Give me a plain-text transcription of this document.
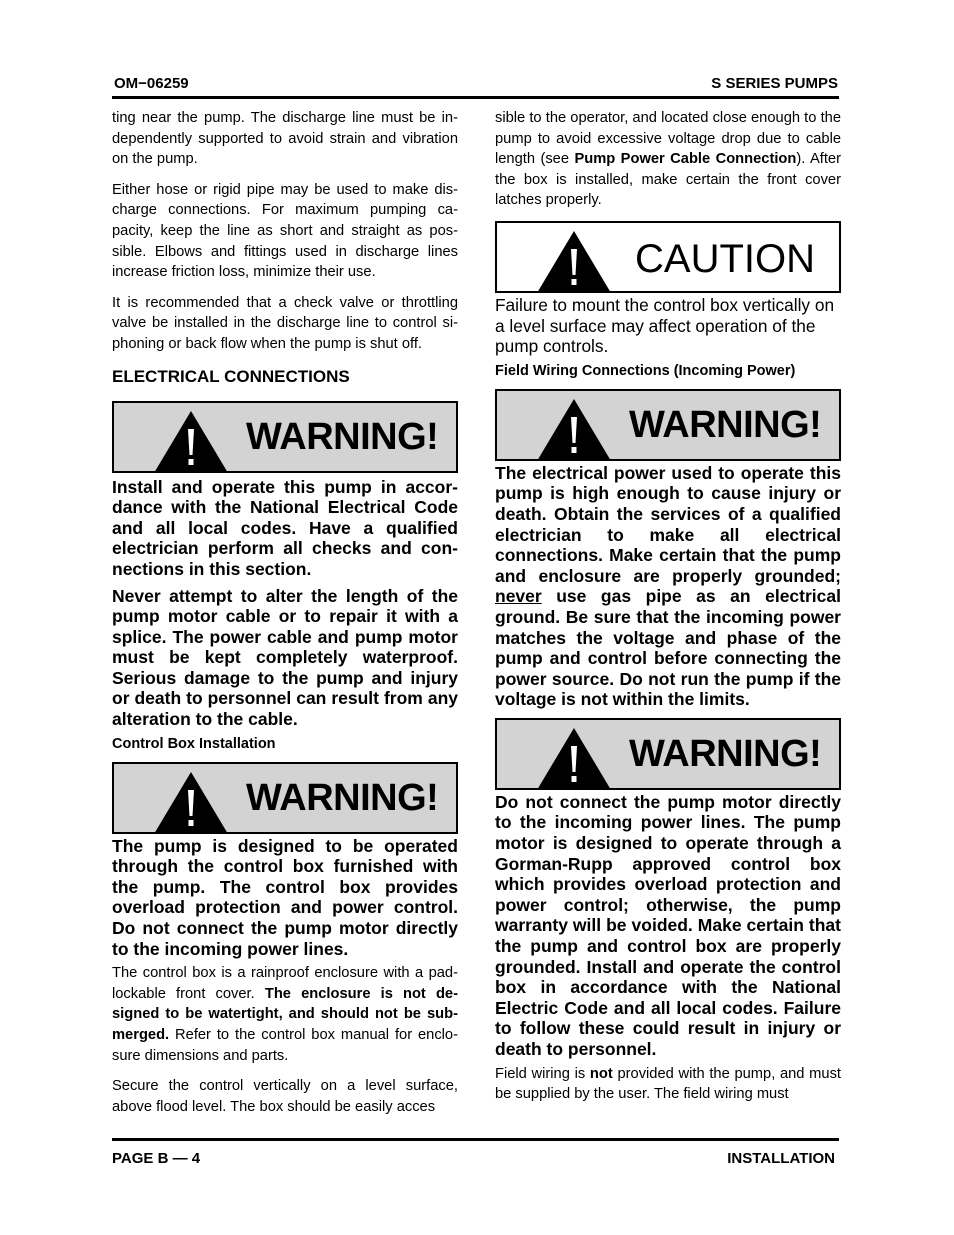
OM−06259	S SERIES PUMPS

ting near the pump. The discharge line must be independently supported to avoid strain and vibration on the pump.

Either hose or rigid pipe may be used to make discharge connections. For maximum pumping capacity, keep the line as short and straight as possible. Elbows and fittings used in discharge lines increase friction loss, minimize their use.

It is recommended that a check valve or throttling valve be installed in the discharge line to control siphoning or back flow when the pump is shut off.

ELECTRICAL CONNECTIONS
WARNING!

Install and operate this pump in accordance with the National Electrical Code and all local codes. Have a qualified electrician perform all checks and connections in this section.

Never attempt to alter the length of the pump motor cable or to repair it with a splice. The power cable and pump motor must be kept completely waterproof. Serious damage to the pump and injury or death to personnel can result from any alteration to the cable.

Control Box Installation
WARNING!

The pump is designed to be operated through the control box furnished with the pump. The control box provides overload protection and power control. Do not connect the pump motor directly to the incoming power lines.

The control box is a rainproof enclosure with a padlockable front cover. The enclosure is not designed to be watertight, and should not be submerged. Refer to the control box manual for enclosure dimensions and parts.

Secure the control vertically on a level surface, above flood level. The box should be easily acces

sible to the operator, and located close enough to the pump to avoid excessive voltage drop due to cable length (see Pump Power Cable Connection). After the box is installed, make certain the front cover latches properly.

CAUTION

Failure to mount the control box vertically on a level surface may affect operation of the pump controls.

Field Wiring Connections (Incoming Power)
WARNING!

The electrical power used to operate this pump is high enough to cause injury or death. Obtain the services of a qualified electrician to make all electrical connections. Make certain that the pump and enclosure are properly grounded; never use gas pipe as an electrical ground. Be sure that the incoming power matches the voltage and phase of the pump and control before connecting the power source. Do not run the pump if the voltage is not within the limits.

WARNING!

Do not connect the pump motor directly to the incoming power lines. The pump motor is designed to operate through a Gorman-Rupp approved control box which provides overload protection and power control; otherwise, the pump warranty will be voided. Make certain that the pump and control box are properly grounded. Install and operate the control box in accordance with the National Electric Code and all local codes. Failure to follow these could result in injury or death to personnel.

Field wiring is not provided with the pump, and must be supplied by the user. The field wiring must

PAGE B — 4	INSTALLATION
